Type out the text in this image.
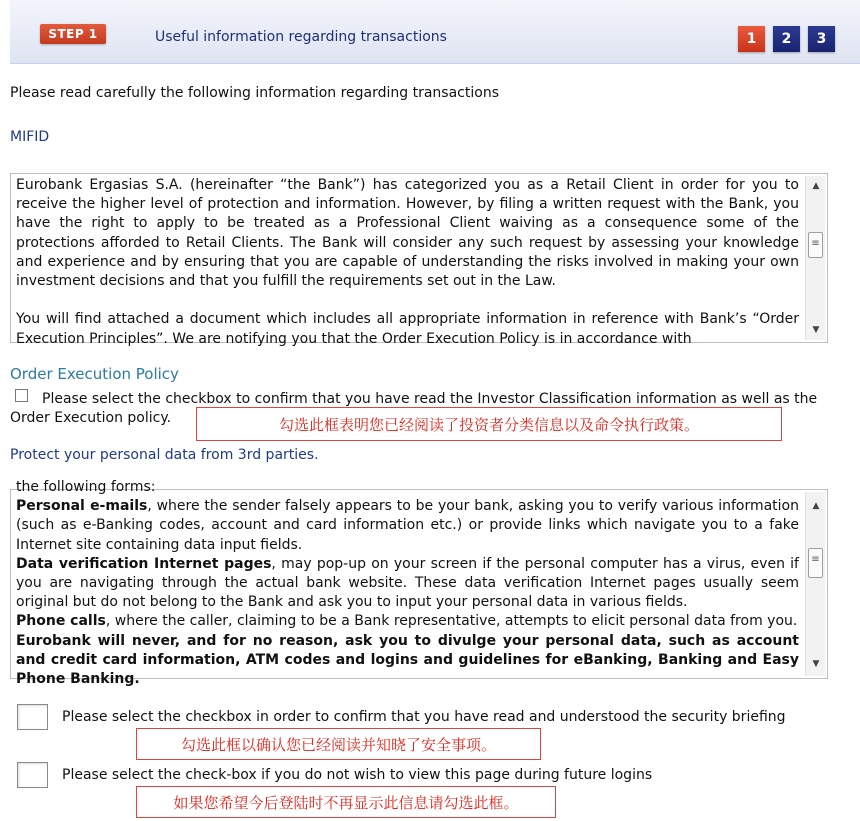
STEP 1	Useful information regarding transactions	1	2	3
Please read carefully the following information regarding transactions
MIFID

Eurobank Ergasias S.A. (hereinafter “the Bank”) has categorized you as a Retail Client in order for you to receive the higher level of protection and information. However, by filing a written request with the Bank, you have the right to apply to be treated as a Professional Client waiving as a consequence some of the protections afforded to Retail Clients. The Bank will consider any such request by assessing your knowledge and experience and by ensuring that you are capable of understanding the risks involved in making your own investment decisions and that you fulfill the requirements set out in the Law.

You will find attached a document which includes all appropriate information in reference with Bank’s “Order Execution Principles”. We are notifying you that the Order Execution Policy is in accordance with

▲
≡
▼
Order Execution Policy
Please select the checkbox to confirm that you have read the Investor Classification information as well as the Order Execution policy.	勾选此框表明您已经阅读了投资者分类信息以及命令执行政策。
Protect your personal data from 3rd parties.
the following forms:
Personal e-mails, where the sender falsely appears to be your bank, asking you to verify various information (such as e-Banking codes, account and card information etc.) or provide links which navigate you to a fake Internet site containing data input fields.
Data verification Internet pages, may pop-up on your screen if the personal computer has a virus, even if you are navigating through the actual bank website. These data verification Internet pages usually seem original but do not belong to the Bank and ask you to input your personal data in various fields.
Phone calls, where the caller, claiming to be a Bank representative, attempts to elicit personal data from you.
Eurobank will never, and for no reason, ask you to divulge your personal data, such as account and credit card information, ATM codes and logins and guidelines for eBanking, Banking and Easy Phone Banking.
▲
≡
▼
Please select the checkbox in order to confirm that you have read and understood the security briefing
勾选此框以确认您已经阅读并知晓了安全事项。
Please select the check-box if you do not wish to view this page during future logins
如果您希望今后登陆时不再显示此信息请勾选此框。
